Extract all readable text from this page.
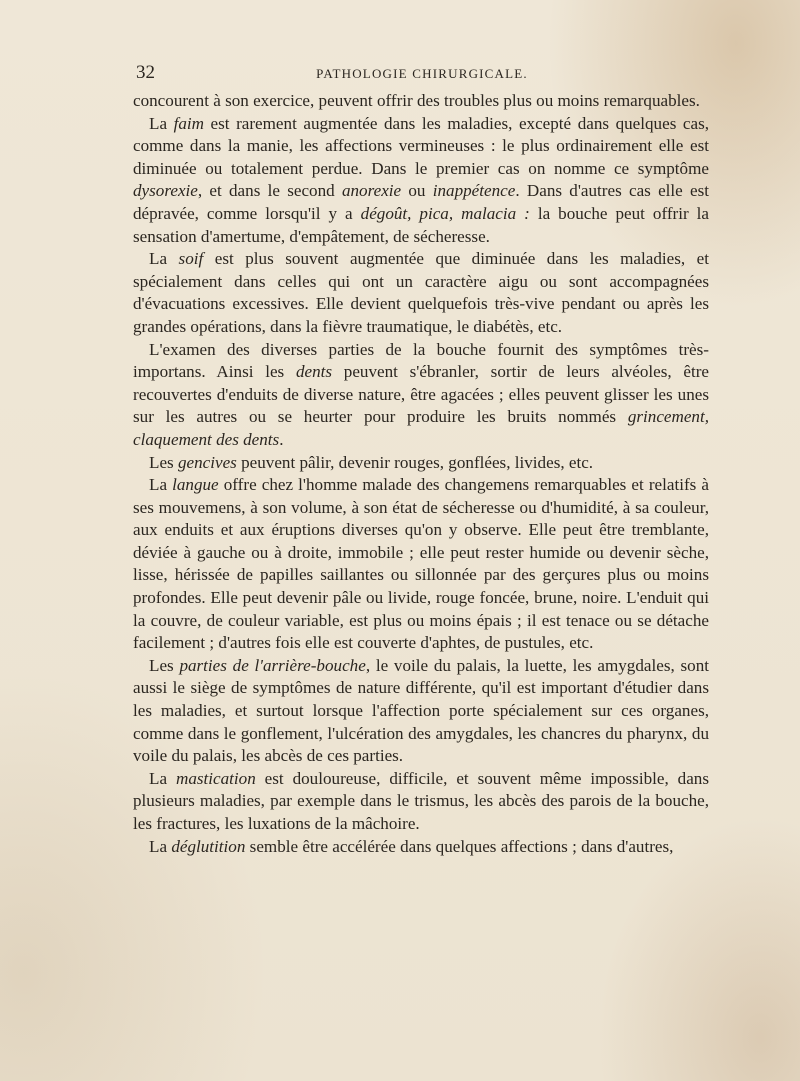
32	PATHOLOGIE CHIRURGICALE.

concourent à son exercice, peuvent offrir des troubles plus ou moins remarquables.

La faim est rarement augmentée dans les maladies, excepté dans quelques cas, comme dans la manie, les affections vermineuses : le plus ordinairement elle est diminuée ou totalement perdue. Dans le premier cas on nomme ce symptôme dysorexie, et dans le second anorexie ou inappétence. Dans d'autres cas elle est dépravée, comme lorsqu'il y a dégoût, pica, malacia : la bouche peut offrir la sensation d'amertume, d'empâtement, de sécheresse.

La soif est plus souvent augmentée que diminuée dans les maladies, et spécialement dans celles qui ont un caractère aigu ou sont accompagnées d'évacuations excessives. Elle devient quelquefois très-vive pendant ou après les grandes opérations, dans la fièvre traumatique, le diabétès, etc.

L'examen des diverses parties de la bouche fournit des symptômes très-importans. Ainsi les dents peuvent s'ébranler, sortir de leurs alvéoles, être recouvertes d'enduits de diverse nature, être agacées ; elles peuvent glisser les unes sur les autres ou se heurter pour produire les bruits nommés grincement, claquement des dents.

Les gencives peuvent pâlir, devenir rouges, gonflées, livides, etc.

La langue offre chez l'homme malade des changemens remarquables et relatifs à ses mouvemens, à son volume, à son état de sécheresse ou d'humidité, à sa couleur, aux enduits et aux éruptions diverses qu'on y observe. Elle peut être tremblante, déviée à gauche ou à droite, immobile ; elle peut rester humide ou devenir sèche, lisse, hérissée de papilles saillantes ou sillonnée par des gerçures plus ou moins profondes. Elle peut devenir pâle ou livide, rouge foncée, brune, noire. L'enduit qui la couvre, de couleur variable, est plus ou moins épais ; il est tenace ou se détache facilement ; d'autres fois elle est couverte d'aphtes, de pustules, etc.

Les parties de l'arrière-bouche, le voile du palais, la luette, les amygdales, sont aussi le siège de symptômes de nature différente, qu'il est important d'étudier dans les maladies, et surtout lorsque l'affection porte spécialement sur ces organes, comme dans le gonflement, l'ulcération des amygdales, les chancres du pharynx, du voile du palais, les abcès de ces parties.

La mastication est douloureuse, difficile, et souvent même impossible, dans plusieurs maladies, par exemple dans le trismus, les abcès des parois de la bouche, les fractures, les luxations de la mâchoire.

La déglutition semble être accélérée dans quelques affections ; dans d'autres,
